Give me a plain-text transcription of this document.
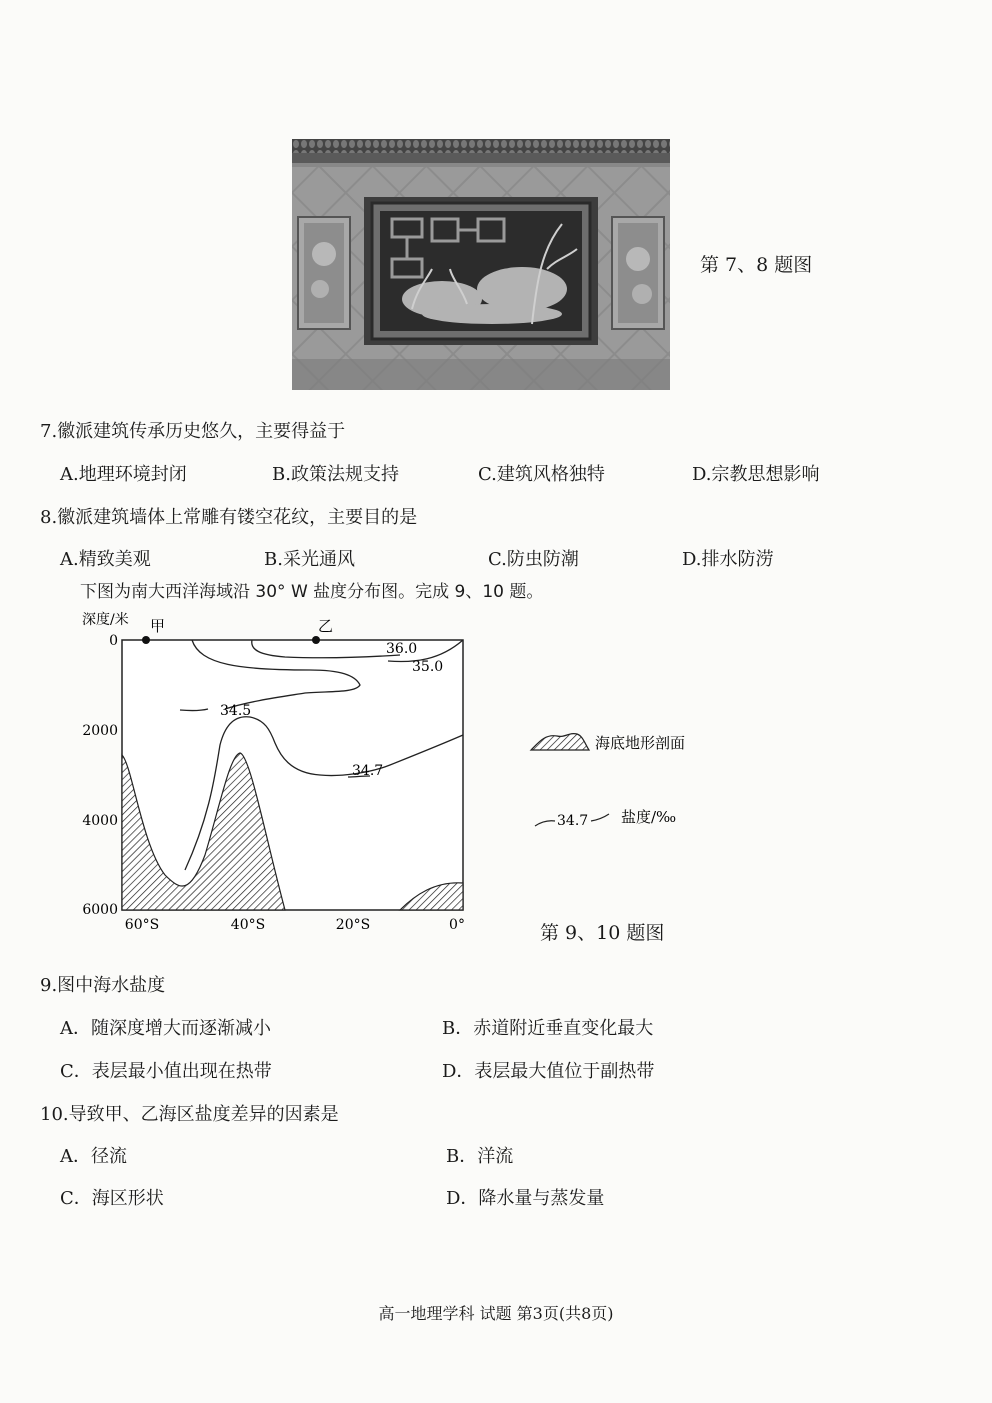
第 7、8 题图
7.徽派建筑传承历史悠久，主要得益于
A.地理环境封闭	B.政策法规支持	C.建筑风格独特	D.宗教思想影响
8.徽派建筑墙体上常雕有镂空花纹，主要目的是
A.精致美观	B.采光通风	C.防虫防潮	D.排水防涝
下图为南大西洋海域沿 30° W 盐度分布图。完成 9、10 题。
深度/米
36.0
35.0
34.5
34.7
甲	乙
0
2000
4000
6000
60°S	40°S	20°S	0°
海底地形剖面
34.7 盐度/‰
第 9、10 题图
9.图中海水盐度
A．随深度增大而逐渐减小	B．赤道附近垂直变化最大
C．表层最小值出现在热带	D．表层最大值位于副热带
10.导致甲、乙海区盐度差异的因素是
A．径流	B．洋流
C．海区形状	D．降水量与蒸发量
高一地理学科 试题 第3页(共8页)
